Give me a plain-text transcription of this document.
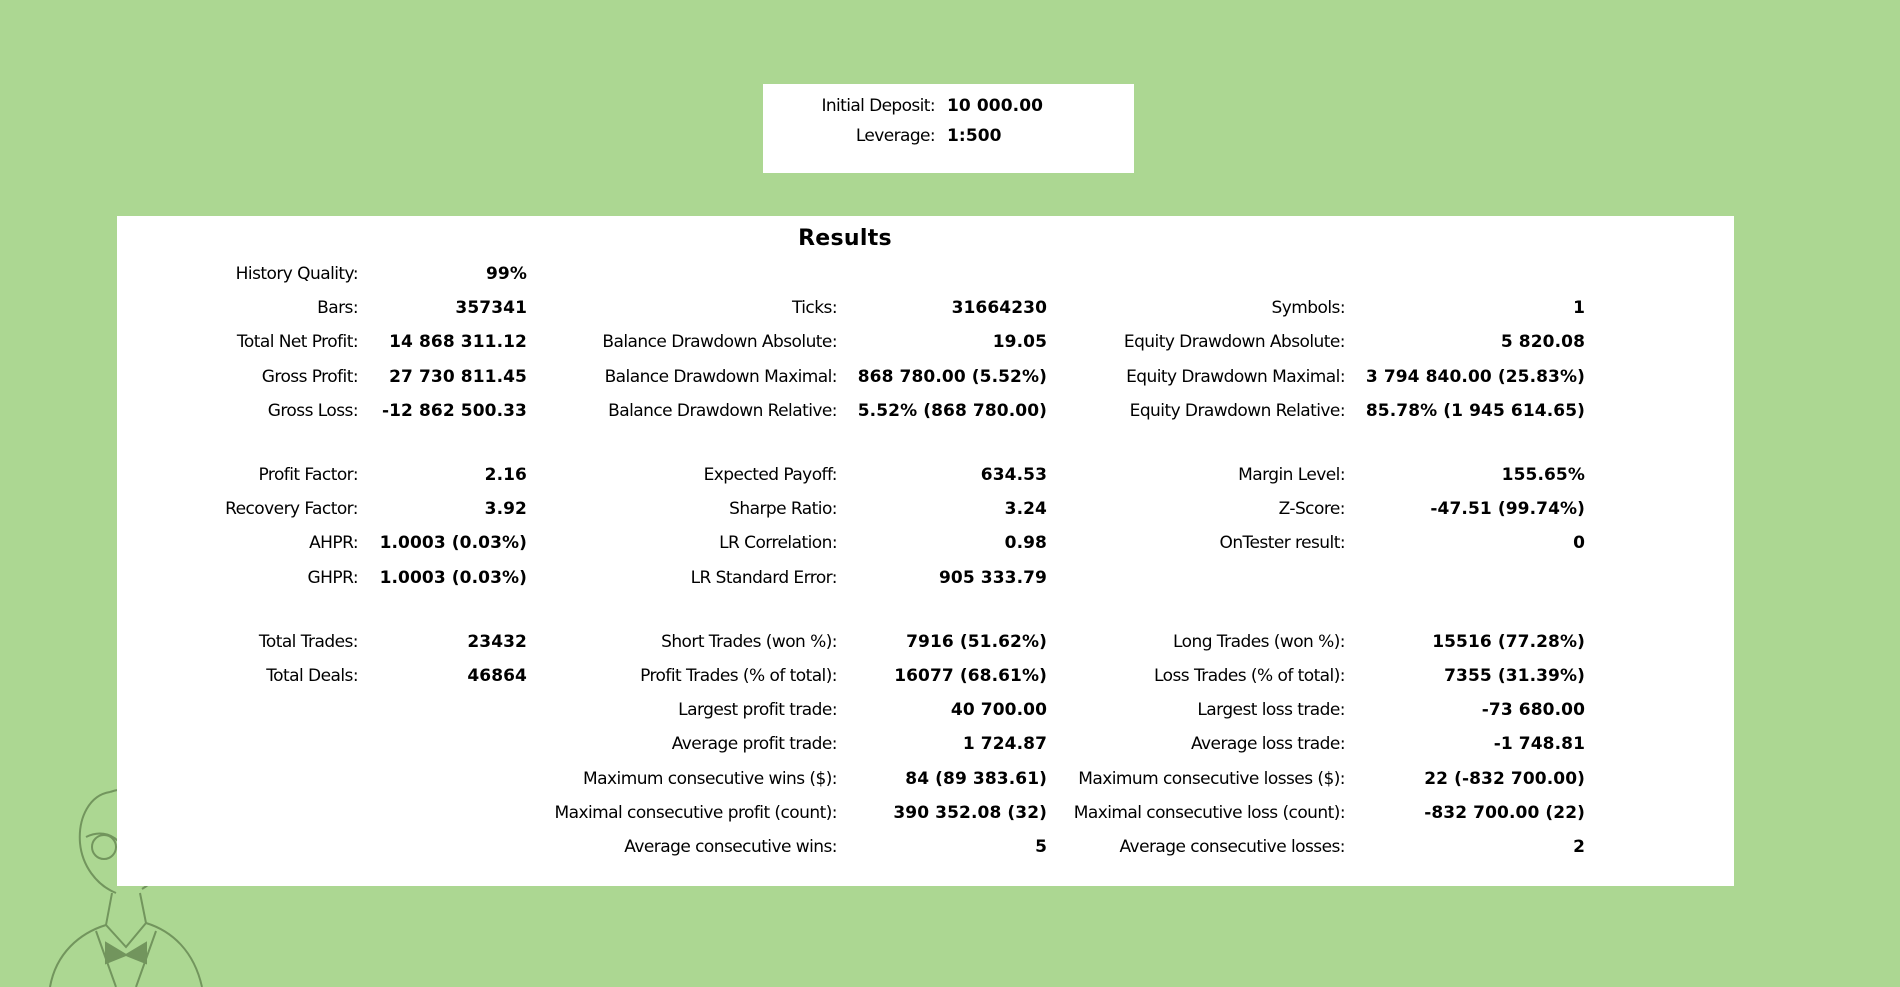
Initial Deposit: 10 000.00
Leverage: 1:500
Results
History Quality:	99%
Bars:	357341	Ticks:	31664230	Symbols:	1
Total Net Profit: 14 868 311.12	Balance Drawdown Absolute:	19.05	Equity Drawdown Absolute:	5 820.08
Gross Profit: 27 730 811.45	Balance Drawdown Maximal: 868 780.00 (5.52%)	Equity Drawdown Maximal: 3 794 840.00 (25.83%)
Gross Loss: -12 862 500.33	Balance Drawdown Relative: 5.52% (868 780.00)	Equity Drawdown Relative: 85.78% (1 945 614.65)
Profit Factor:	2.16	Expected Payoff:	634.53	Margin Level:	155.65%
Recovery Factor:	3.92	Sharpe Ratio:	3.24	Z-Score:	-47.51 (99.74%)
AHPR: 1.0003 (0.03%)	LR Correlation:	0.98	OnTester result:	0
GHPR: 1.0003 (0.03%)	LR Standard Error:	905 333.79
Total Trades:	23432	Short Trades (won %):	7916 (51.62%)	Long Trades (won %):	15516 (77.28%)
Total Deals:	46864	Profit Trades (% of total):	16077 (68.61%)	Loss Trades (% of total):	7355 (31.39%)
Largest profit trade:	40 700.00	Largest loss trade:	-73 680.00
Average profit trade:	1 724.87	Average loss trade:	-1 748.81
Maximum consecutive wins ($):	84 (89 383.61) Maximum consecutive losses ($):	22 (-832 700.00)
Maximal consecutive profit (count):	390 352.08 (32) Maximal consecutive loss (count):	-832 700.00 (22)
Average consecutive wins:	5	Average consecutive losses:	2
